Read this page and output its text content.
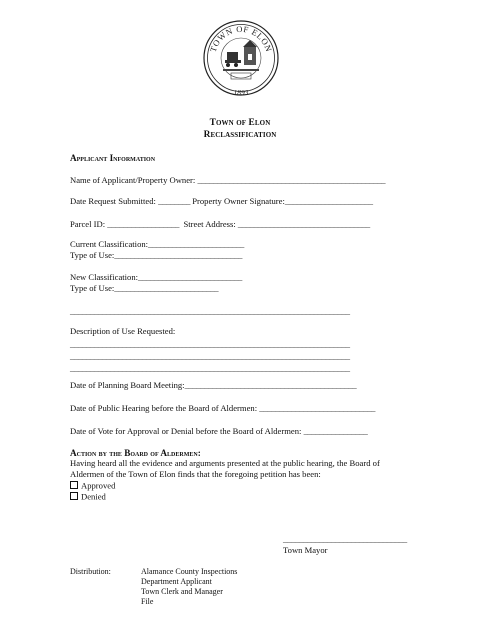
TOWN OF ELON
1893
Town of Elon
Reclassification
Applicant Information
Name of Applicant/Property Owner: _______________________________________________
Date Request Submitted: ________ Property Owner Signature:______________________
Parcel ID: __________________ Street Address: _________________________________
Current Classification:________________________
Type of Use:________________________________
New Classification:__________________________
Type of Use:__________________________
______________________________________________________________________
Description of Use Requested:
______________________________________________________________________
______________________________________________________________________
______________________________________________________________________
Date of Planning Board Meeting:___________________________________________
Date of Public Hearing before the Board of Aldermen: _____________________________
Date of Vote for Approval or Denial before the Board of Aldermen: ________________
Action by the Board of Aldermen:
Having heard all the evidence and arguments presented at the public hearing, the Board of
Aldermen of the Town of Elon finds that the foregoing petition has been:
Approved
Denied
_______________________________
Town Mayor
Distribution:	Alamance County Inspections
Department Applicant
Town Clerk and Manager
File
